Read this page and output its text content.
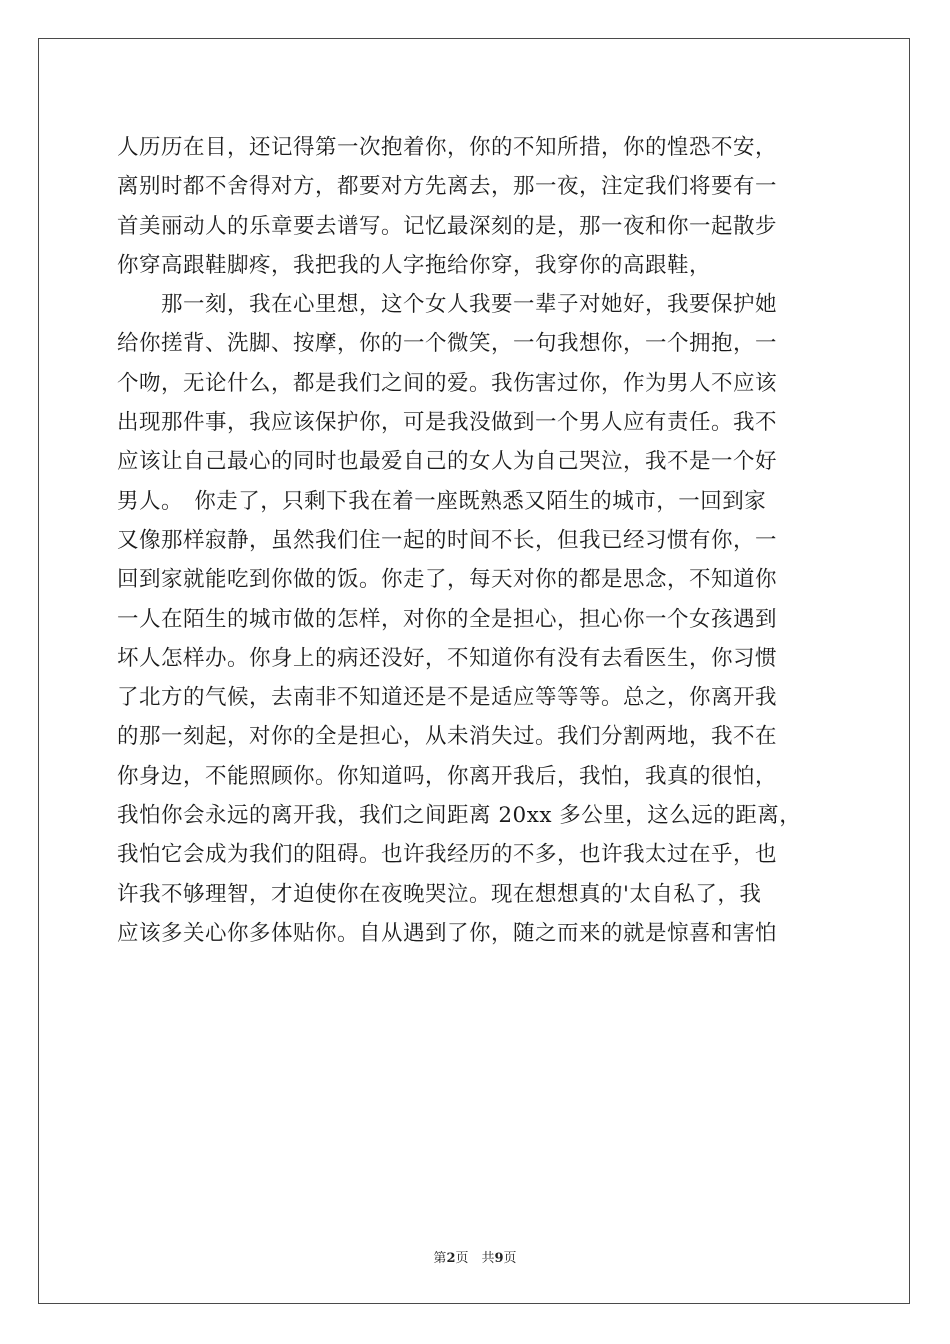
人历历在目，还记得第一次抱着你，你的不知所措，你的惶恐不安，
离别时都不舍得对方，都要对方先离去，那一夜，注定我们将要有一
首美丽动人的乐章要去谱写。记忆最深刻的是，那一夜和你一起散步
你穿高跟鞋脚疼，我把我的人字拖给你穿，我穿你的高跟鞋，
　　那一刻，我在心里想，这个女人我要一辈子对她好，我要保护她
给你搓背、洗脚、按摩，你的一个微笑，一句我想你，一个拥抱，一
个吻，无论什么，都是我们之间的爱。我伤害过你，作为男人不应该
出现那件事，我应该保护你，可是我没做到一个男人应有责任。我不
应该让自己最心的同时也最爱自己的女人为自己哭泣，我不是一个好
男人。　你走了，只剩下我在着一座既熟悉又陌生的城市，一回到家
又像那样寂静，虽然我们住一起的时间不长，但我已经习惯有你，一
回到家就能吃到你做的饭。你走了，每天对你的都是思念，不知道你
一人在陌生的城市做的怎样，对你的全是担心，担心你一个女孩遇到
坏人怎样办。你身上的病还没好，不知道你有没有去看医生，你习惯
了北方的气候，去南非不知道还是不是适应等等等。总之，你离开我
的那一刻起，对你的全是担心，从未消失过。我们分割两地，我不在
你身边，不能照顾你。你知道吗，你离开我后，我怕，我真的很怕，
我怕你会永远的离开我，我们之间距离 20xx 多公里，这么远的距离，
我怕它会成为我们的阻碍。也许我经历的不多，也许我太过在乎，也
许我不够理智，才迫使你在夜晚哭泣。现在想想真的'太自私了，我
应该多关心你多体贴你。自从遇到了你，随之而来的就是惊喜和害怕
第2页　共9页
